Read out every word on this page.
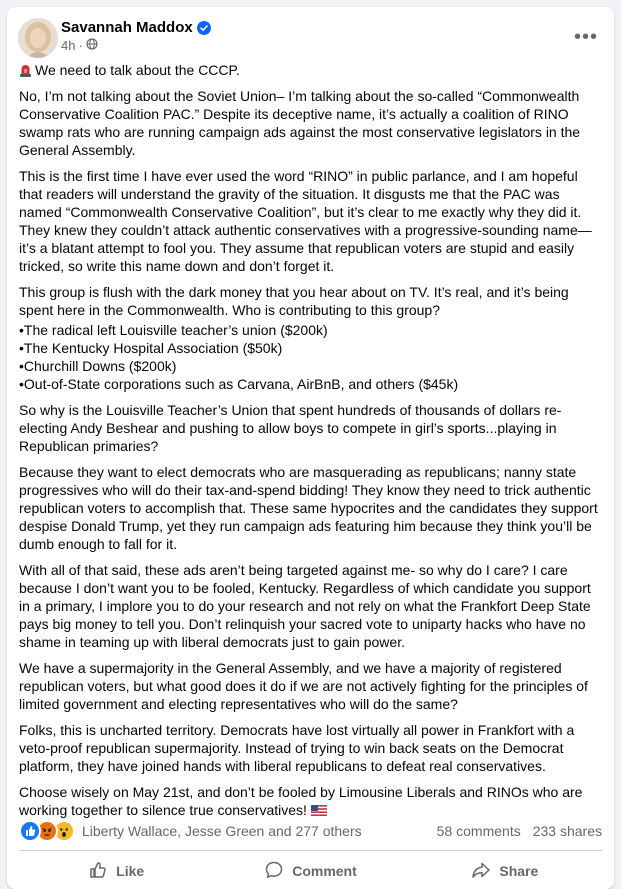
Savannah Maddox
4h ·	•••

We need to talk about the CCCP.

No, I’m not talking about the Soviet Union– I’m talking about the so-called “Commonwealth Conservative Coalition PAC.” Despite its deceptive name, it’s actually a coalition of RINO swamp rats who are running campaign ads against the most conservative legislators in the General Assembly.

This is the first time I have ever used the word “RINO” in public parlance, and I am hopeful that readers will understand the gravity of the situation. It disgusts me that the PAC was named “Commonwealth Conservative Coalition”, but it’s clear to me exactly why they did it. They knew they couldn’t attack authentic conservatives with a progressive-sounding name—it’s a blatant attempt to fool you. They assume that republican voters are stupid and easily tricked, so write this name down and don’t forget it.

This group is flush with the dark money that you hear about on TV. It’s real, and it’s being spent here in the Commonwealth. Who is contributing to this group?

•The radical left Louisville teacher’s union ($200k)
•The Kentucky Hospital Association ($50k)
•Churchill Downs ($200k)
•Out-of-State corporations such as Carvana, AirBnB, and others ($45k)

So why is the Louisville Teacher’s Union that spent hundreds of thousands of dollars re-electing Andy Beshear and pushing to allow boys to compete in girl’s sports...playing in Republican primaries?

Because they want to elect democrats who are masquerading as republicans; nanny state progressives who will do their tax-and-spend bidding! They know they need to trick authentic republican voters to accomplish that. These same hypocrites and the candidates they support despise Donald Trump, yet they run campaign ads featuring him because they think you’ll be dumb enough to fall for it.

With all of that said, these ads aren’t being targeted against me- so why do I care? I care because I don’t want you to be fooled, Kentucky. Regardless of which candidate you support in a primary, I implore you to do your research and not rely on what the Frankfort Deep State pays big money to tell you. Don’t relinquish your sacred vote to uniparty hacks who have no shame in teaming up with liberal democrats just to gain power.

We have a supermajority in the General Assembly, and we have a majority of registered republican voters, but what good does it do if we are not actively fighting for the principles of limited government and electing representatives who will do the same?

Folks, this is uncharted territory. Democrats have lost virtually all power in Frankfort with a veto-proof republican supermajority. Instead of trying to win back seats on the Democrat platform, they have joined hands with liberal republicans to defeat real conservatives.

Choose wisely on May 21st, and don’t be fooled by Limousine Liberals and RINOs who are working together to silence true conservatives!

Liberty Wallace, Jesse Green and 277 others	58 comments 233 shares
Like	Comment	Share
